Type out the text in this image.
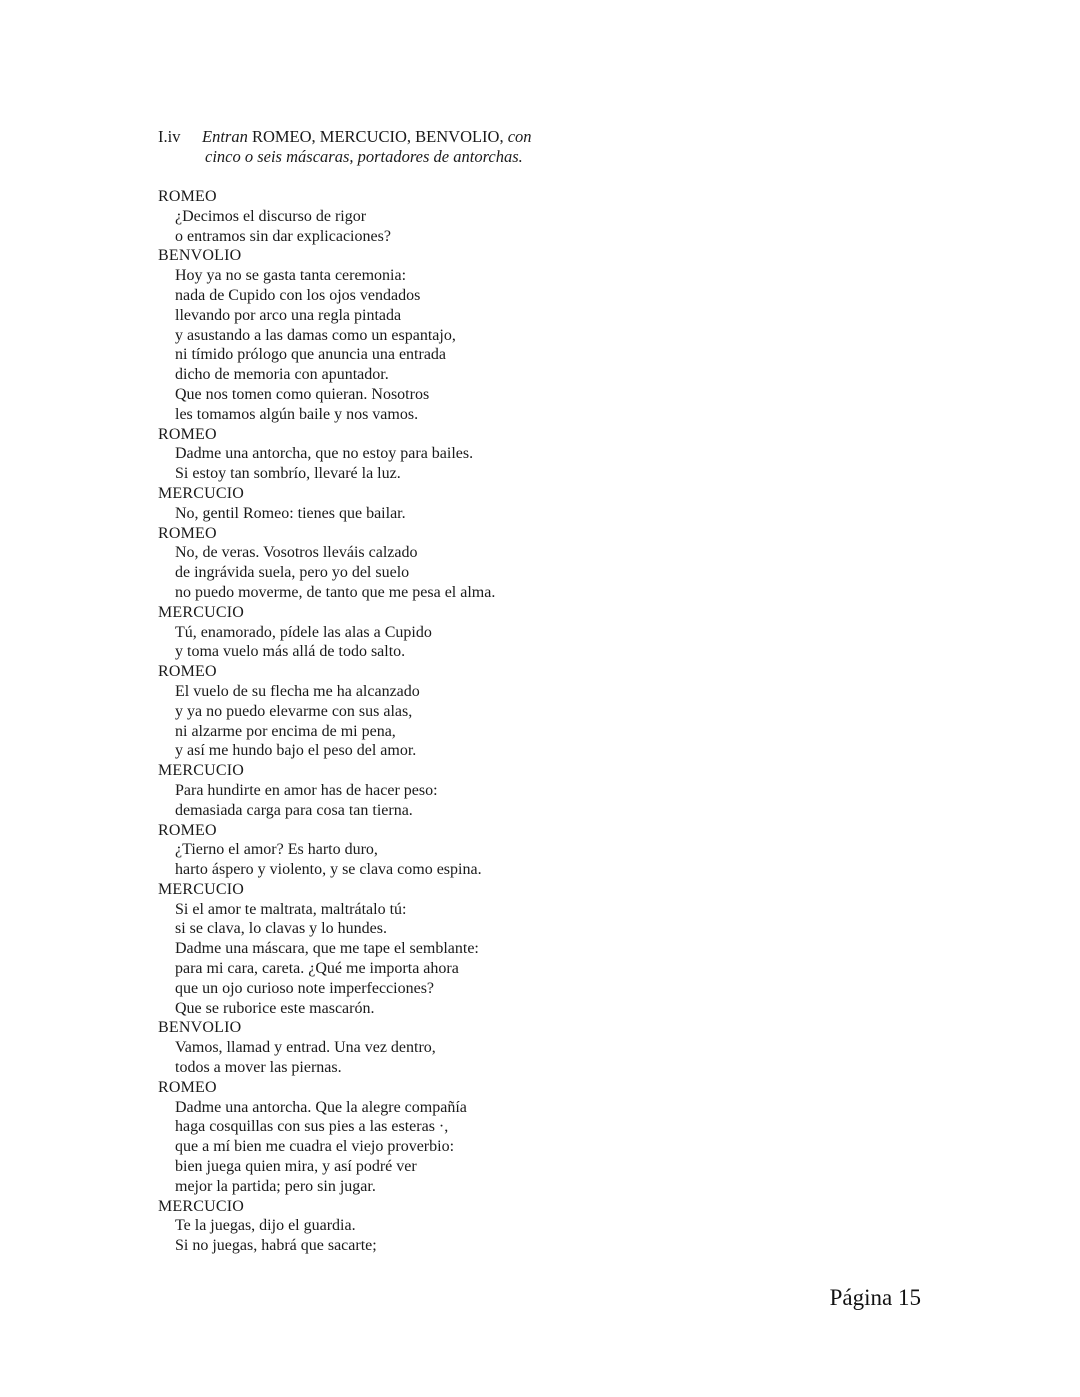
I.iv Entran ROMEO, MERCUCIO, BENVOLIO, con
cinco o seis máscaras, portadores de antorchas.
ROMEO
¿Decimos el discurso de rigor
o entramos sin dar explicaciones?
BENVOLIO
Hoy ya no se gasta tanta ceremonia:
nada de Cupido con los ojos vendados
llevando por arco una regla pintada
y asustando a las damas como un espantajo,
ni tímido prólogo que anuncia una entrada
dicho de memoria con apuntador.
Que nos tomen como quieran. Nosotros
les tomamos algún baile y nos vamos.
ROMEO
Dadme una antorcha, que no estoy para bailes.
Si estoy tan sombrío, llevaré la luz.
MERCUCIO
No, gentil Romeo: tienes que bailar.
ROMEO
No, de veras. Vosotros lleváis calzado
de ingrávida suela, pero yo del suelo
no puedo moverme, de tanto que me pesa el alma.
MERCUCIO
Tú, enamorado, pídele las alas a Cupido
y toma vuelo más allá de todo salto.
ROMEO
El vuelo de su flecha me ha alcanzado
y ya no puedo elevarme con sus alas,
ni alzarme por encima de mi pena,
y así me hundo bajo el peso del amor.
MERCUCIO
Para hundirte en amor has de hacer peso:
demasiada carga para cosa tan tierna.
ROMEO
¿Tierno el amor? Es harto duro,
harto áspero y violento, y se clava como espina.
MERCUCIO
Si el amor te maltrata, maltrátalo tú:
si se clava, lo clavas y lo hundes.
Dadme una máscara, que me tape el semblante:
para mi cara, careta. ¿Qué me importa ahora
que un ojo curioso note imperfecciones?
Que se ruborice este mascarón.
BENVOLIO
Vamos, llamad y entrad. Una vez dentro,
todos a mover las piernas.
ROMEO
Dadme una antorcha. Que la alegre compañía
haga cosquillas con sus pies a las esteras ·,
que a mí bien me cuadra el viejo proverbio:
bien juega quien mira, y así podré ver
mejor la partida; pero sin jugar.
MERCUCIO
Te la juegas, dijo el guardia.
Si no juegas, habrá que sacarte;
Página 15
